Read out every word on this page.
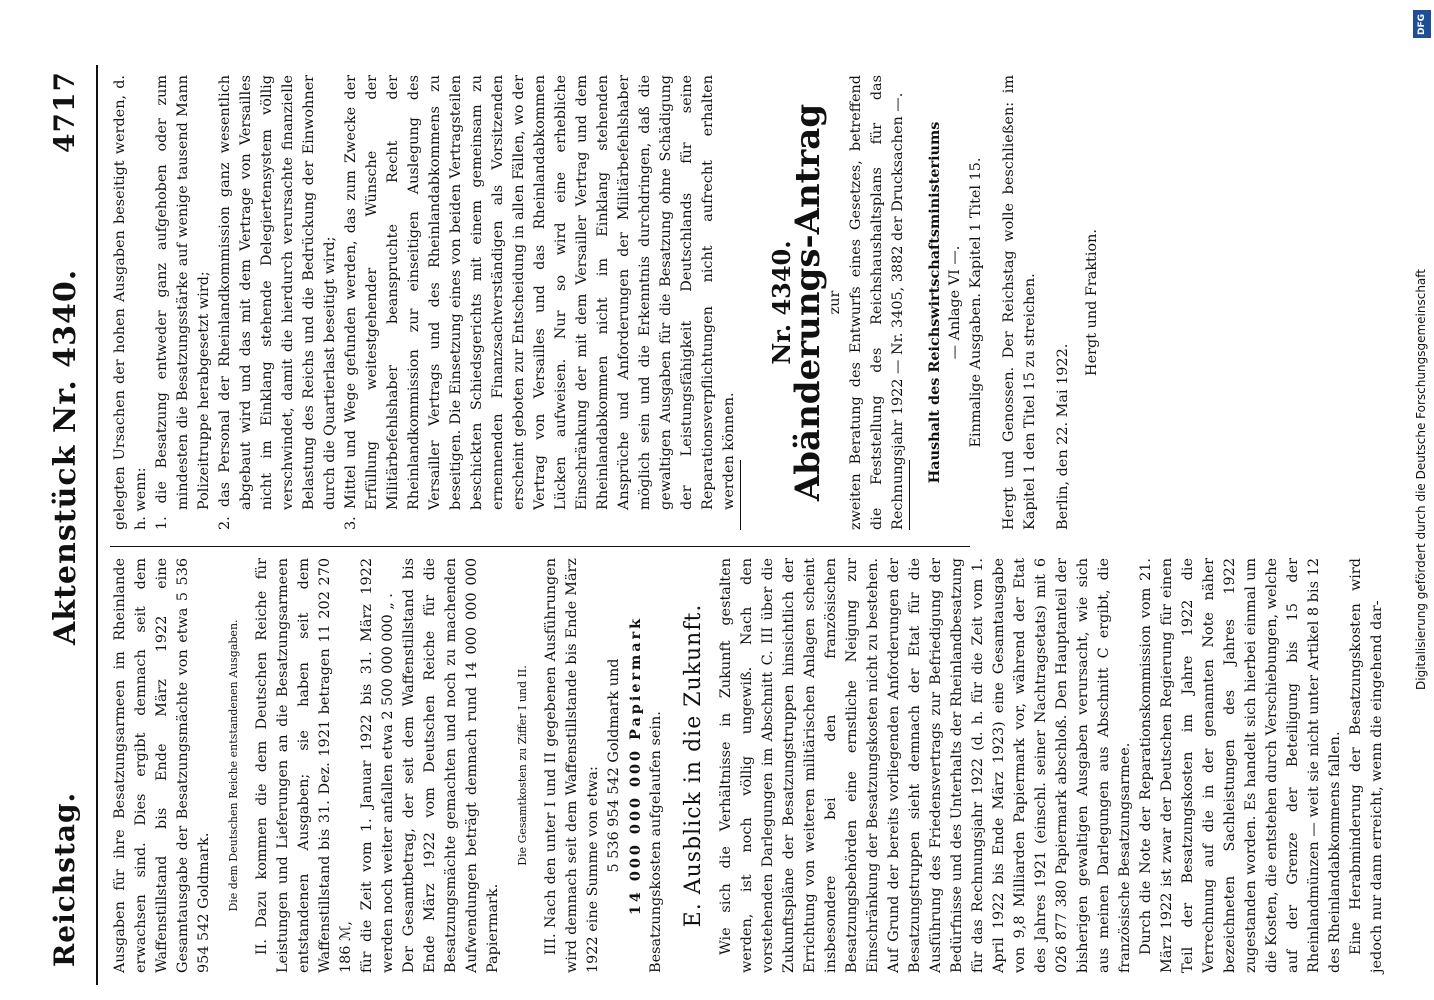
Reichstag.
Aktenstück Nr. 4340.
4717

Ausgaben für ihre Besatzungsarmeen im Rheinlande erwachsen sind. Dies ergibt demnach seit dem Waffenstillstand bis Ende März 1922 eine Gesamtausgabe der Besatzungsmächte von etwa 5 536 954 542 Goldmark.	Die dem Deutschen Reiche entstandenen Ausgaben. II. Dazu kommen die dem Deutschen Reiche für Leistungen und Lieferungen an die Besatzungsarmeen entstandenen Ausgaben; sie haben seit dem Waffenstillstand bis 31. Dez. 1921 betragen 11 202 270 186 ℳ, für die Zeit vom 1. Januar 1922 bis 31. März 1922 werden noch weiter anfallen etwa 2 500 000 000 „ . Der Gesamtbetrag, der seit dem Waffenstillstand bis Ende März 1922 vom Deutschen Reiche für die Besatzungsmächte gemachten und noch zu machenden Aufwendungen beträgt demnach rund 14 000 000 000 Papiermark.

Die Gesamtkosten zu Ziffer I und II. III. Nach den unter I und II gegebenen Ausführungen wird demnach seit dem Waffenstillstande bis Ende März 1922 eine Summe von etwa: 5 536 954 542 Goldmark und 14 000 000 000 Papiermark Besatzungskosten aufgelaufen sein. E. Ausblick in die Zukunft. Wie sich die Verhältnisse in Zukunft gestalten werden, ist noch völlig ungewiß. Nach den vorstehenden Darlegungen im Abschnitt C. III über die Zukunftspläne der Besatzungstruppen hinsichtlich der Errichtung von weiteren militärischen Anlagen scheint insbesondere bei den französischen Besatzungsbehörden eine ernstliche Neigung zur Einschränkung der Besatzungskosten nicht zu bestehen. Auf Grund der bereits vorliegenden Anforderungen der Besatzungstruppen sieht demnach der Etat für die Ausführung des Friedensvertrags zur Befriedigung der Bedürfnisse und des Unterhalts der Rheinlandbesatzung für das Rechnungsjahr 1922 (d. h. für die Zeit vom 1. April 1922 bis Ende März 1923) eine Gesamtausgabe von 9,8 Milliarden Papiermark vor, während der Etat des Jahres 1921 (einschl. seiner Nachtragsetats) mit 6 026 877 380 Papiermark abschloß. Den Hauptanteil der bisherigen gewaltigen Ausgaben verursacht, wie sich aus meinen Darlegungen aus Abschnitt C ergibt, die französische Besatzungsarmee. Durch die Note der Reparationskommission vom 21. März 1922 ist zwar der Deutschen Regierung für einen Teil der Besatzungskosten im Jahre 1922 die Verrechnung auf die in der genannten Note näher bezeichneten Sachleistungen des Jahres 1922 zugestanden worden. Es handelt sich hierbei einmal um die Kosten, die entstehen durch Verschiebungen, welche auf der Grenze der Beteiligung bis 15 der Rheinlandmünzen — weit sie nicht unter Artikel 8 bis 12 des Rheinlandabkommens fallen. Eine Herabminderung der Besatzungskosten wird jedoch nur dann erreicht, wenn die eingehend dar-

gelegten Ursachen der hohen Ausgaben beseitigt werden, d. h. wenn: 1. die Besatzung entweder ganz aufgehoben oder zum mindesten die Besatzungsstärke auf wenige tausend Mann Polizeitruppe herabgesetzt wird; 2. das Personal der Rheinlandkommission ganz wesentlich abgebaut wird und das mit dem Vertrage von Versailles nicht im Einklang stehende Delegiertensystem völlig verschwindet, damit die hierdurch verursachte finanzielle Belastung des Reichs und die Bedrückung der Einwohner durch die Quartierlast beseitigt wird; 3. Mittel und Wege gefunden werden, das zum Zwecke der Erfüllung weitestgehender Wünsche der Militärbefehlshaber beanspruchte Recht der Rheinlandkommission zur einseitigen Auslegung des Versailler Vertrags und des Rheinlandabkommens zu beseitigen. Die Einsetzung eines von beiden Vertragsteilen beschickten Schiedsgerichts mit einem gemeinsam zu ernennenden Finanzsachverständigen als Vorsitzenden erscheint geboten zur Entscheidung in allen Fällen, wo der Vertrag von Versailles und das Rheinlandabkommen Lücken aufweisen. Nur so wird eine erhebliche Einschränkung der mit dem Versailler Vertrag und dem Rheinlandabkommen nicht im Einklang stehenden Ansprüche und Anforderungen der Militärbefehlshaber möglich sein und die Erkenntnis durchdringen, daß die gewaltigen Ausgaben für die Besatzung ohne Schädigung der Leistungsfähigkeit Deutschlands für seine Reparationsverpflichtungen nicht aufrecht erhalten werden können.

Nr. 4340.

Abänderungs-Antrag zur zweiten Beratung des Entwurfs eines Gesetzes, betreffend die Feststellung des Reichshaushaltsplans für das Rechnungsjahr 1922 — Nr. 3405, 3882 der Drucksachen —. Haushalt des Reichswirtschaftsministeriums — Anlage VI —. Einmalige Ausgaben. Kapitel 1 Titel 15. Hergt und Genossen. Der Reichstag wolle beschließen: im Kapitel 1 den Titel 15 zu streichen. Berlin, den 22. Mai 1922.

Hergt und Fraktion.

DFG
Digitalisierung gefördert durch die Deutsche Forschungsgemeinschaft
